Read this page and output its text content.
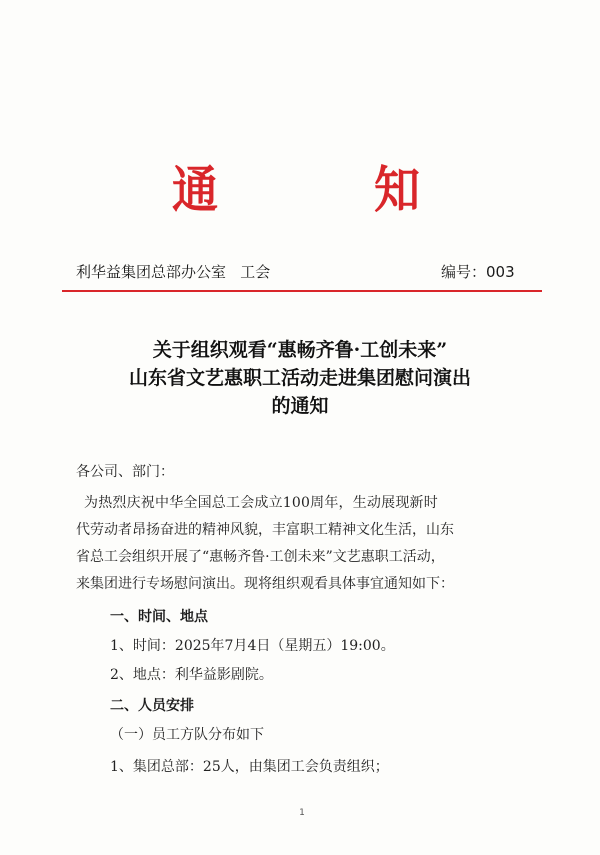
通	知
利华益集团总部办公室   工会	编号：003
关于组织观看“惠畅齐鲁·工创未来”
山东省文艺惠职工活动走进集团慰问演出
的通知
各公司、部门：
为热烈庆祝中华全国总工会成立100周年，生动展现新时
代劳动者昂扬奋进的精神风貌，丰富职工精神文化生活，山东
省总工会组织开展了“惠畅齐鲁·工创未来”文艺惠职工活动，
来集团进行专场慰问演出。现将组织观看具体事宜通知如下：
一、时间、地点
1、时间：2025年7月4日（星期五）19:00。
2、地点：利华益影剧院。
二、人员安排
（一）员工方队分布如下
1、集团总部：25人，由集团工会负责组织；
1
